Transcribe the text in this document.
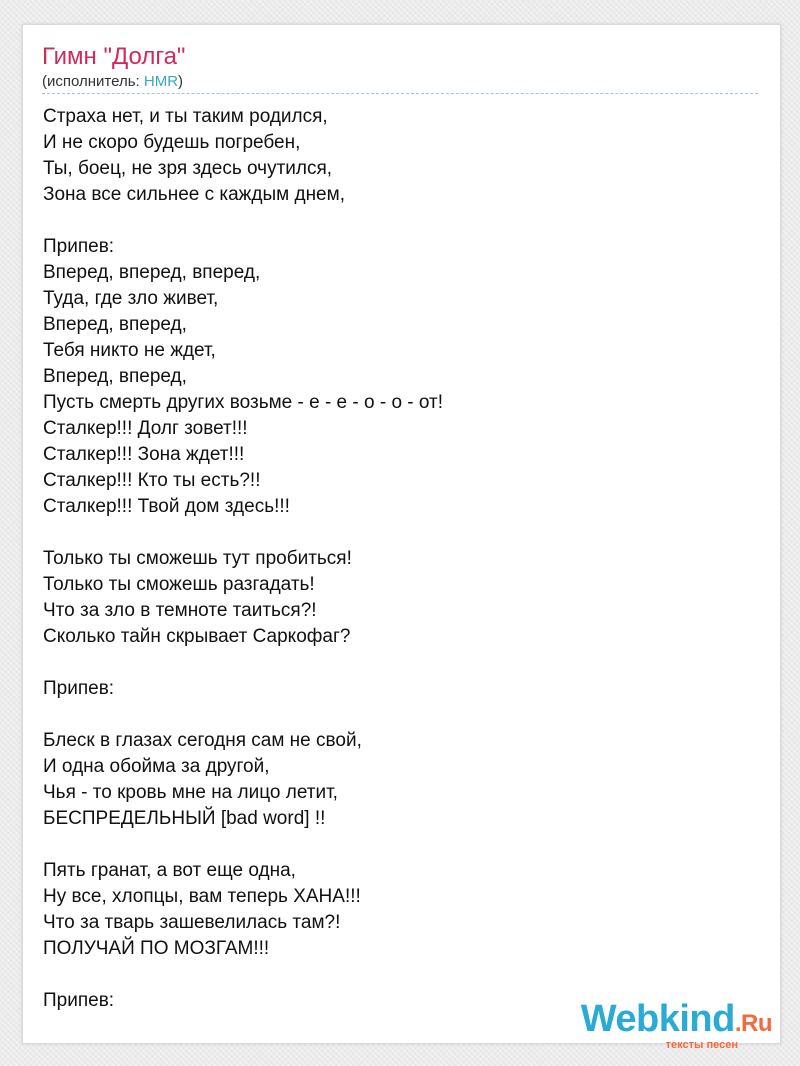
Гимн "Долга"
(исполнитель: HMR)
Страха нет, и ты таким родился,
И не скоро будешь погребен,
Ты, боец, не зря здесь очутился,
Зона все сильнее с каждым днем,
Припев:
Вперед, вперед, вперед,
Туда, где зло живет,
Вперед, вперед,
Тебя никто не ждет,
Вперед, вперед,
Пусть смерть других возьме - е - е - о - о - от!
Сталкер!!! Долг зовет!!!
Сталкер!!! Зона ждет!!!
Сталкер!!! Кто ты есть?!!
Сталкер!!! Твой дом здесь!!!
Только ты сможешь тут пробиться!
Только ты сможешь разгадать!
Что за зло в темноте таиться?!
Сколько тайн скрывает Саркофаг?
Припев:
Блеск в глазах сегодня сам не свой,
И одна обойма за другой,
Чья - то кровь мне на лицо летит,
БЕСПРЕДЕЛЬНЫЙ [bad word] !!
Пять гранат, а вот еще одна,
Ну все, хлопцы, вам теперь ХАНА!!!
Что за тварь зашевелилась там?!
ПОЛУЧАЙ ПО МОЗГАМ!!!
Припев:	Webkind.Ru
тексты песен
